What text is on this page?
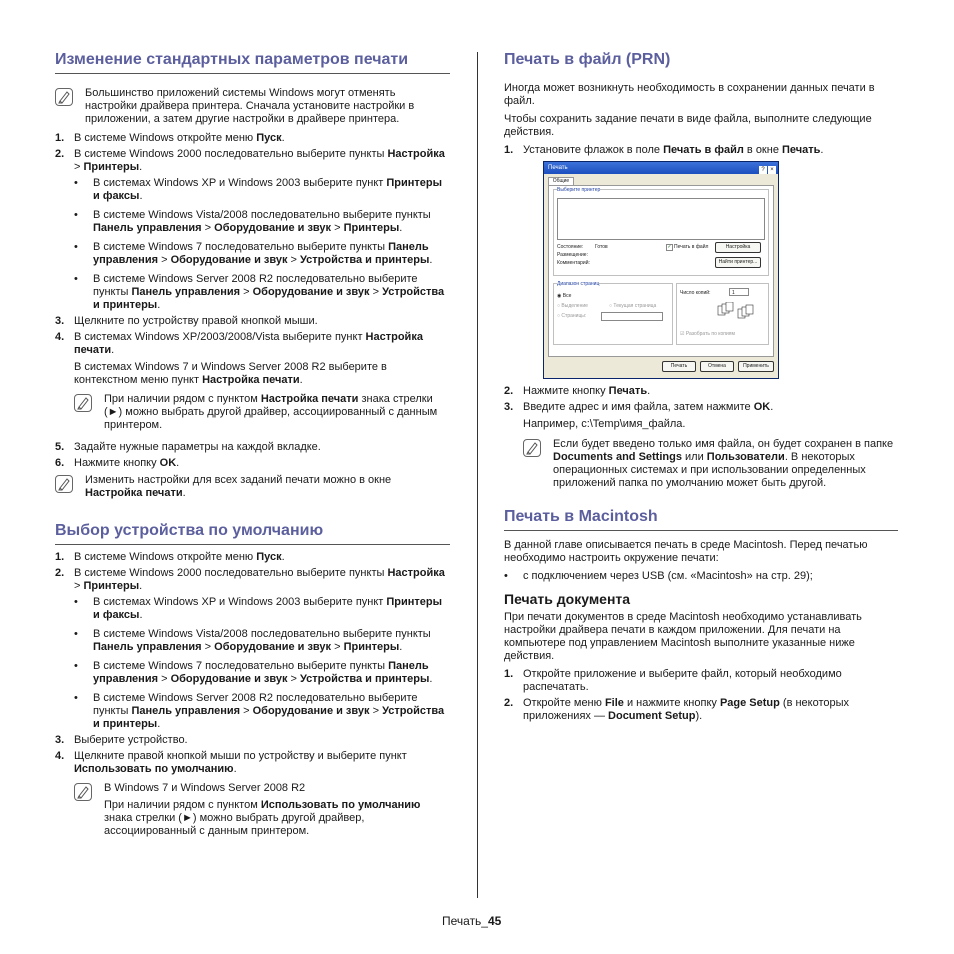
Изменение стандартных параметров печати

Большинство приложений системы Windows могут отменять настройки драйвера принтера. Сначала установите настройки в приложении, а затем другие настройки в драйвере принтера.

1. В системе Windows откройте меню Пуск.
2. В системе Windows 2000 последовательно выберите пункты Настройка > Принтеры.
•	В системах Windows XP и Windows 2003 выберите пункт Принтеры и факсы.
•	В системе Windows Vista/2008 последовательно выберите пункты Панель управления > Оборудование и звук > Принтеры.
•	В системе Windows 7 последовательно выберите пункты Панель управления > Оборудование и звук > Устройства и принтеры.
•	В системе Windows Server 2008 R2 последовательно выберите пункты Панель управления > Оборудование и звук > Устройства и принтеры.
3. Щелкните по устройству правой кнопкой мыши.
4. В системах Windows XP/2003/2008/Vista выберите пункт Настройка печати.
В системах Windows 7 и Windows Server 2008 R2 выберите в контекстном меню пункт Настройка печати.

При наличии рядом с пунктом Настройка печати знака стрелки (►) можно выбрать другой драйвер, ассоциированный с данным принтером.

5. Задайте нужные параметры на каждой вкладке.
6. Нажмите кнопку OK.

Изменить настройки для всех заданий печати можно в окне Настройка печати.

Выбор устройства по умолчанию
1. В системе Windows откройте меню Пуск.
2. В системе Windows 2000 последовательно выберите пункты Настройка > Принтеры.
•	В системах Windows XP и Windows 2003 выберите пункт Принтеры и факсы.
•	В системе Windows Vista/2008 последовательно выберите пункты Панель управления > Оборудование и звук > Принтеры.
•	В системе Windows 7 последовательно выберите пункты Панель управления > Оборудование и звук > Устройства и принтеры.
•	В системе Windows Server 2008 R2 последовательно выберите пункты Панель управления > Оборудование и звук > Устройства и принтеры.
3. Выберите устройство.
4. Щелкните правой кнопкой мыши по устройству и выберите пункт Использовать по умолчанию.

В Windows 7 и Windows Server 2008 R2

При наличии рядом с пунктом Использовать по умолчанию знака стрелки (►) можно выбрать другой драйвер, ассоциированный с данным принтером.

Печать в файл (PRN)

Иногда может возникнуть необходимость в сохранении данных печати в файл.

Чтобы сохранить задание печати в виде файла, выполните следующие действия.

1. Установите флажок в поле Печать в файл в окне Печать.
Печать	? ×
Общие
Выберите принтер
Состояние: Готов
Размещение:
Комментарий:
✓ Печать в файл	Настройка
Найти принтер...
Диапазон страниц
◉ Все
○ Выделение	○ Текущая страница
○ Страницы:
Число копий:	1
☑ Разобрать по копиям
Печать	Отмена	Применить
2. Нажмите кнопку Печать.
3. Введите адрес и имя файла, затем нажмите OK.
Например, c:\Temp\имя_файла.

Если будет введено только имя файла, он будет сохранен в папке Documents and Settings или Пользователи. В некоторых операционных системах и при использовании определенных приложений папка по умолчанию может быть другой.

Печать в Macintosh

В данной главе описывается печать в среде Macintosh. Перед печатью необходимо настроить окружение печати:

•	с подключением через USB (см. «Macintosh» на стр. 29);
Печать документа

При печати документов в среде Macintosh необходимо устанавливать настройки драйвера печати в каждом приложении. Для печати на компьютере под управлением Macintosh выполните указанные ниже действия.

1. Откройте приложение и выберите файл, который необходимо распечатать.
2. Откройте меню File и нажмите кнопку Page Setup (в некоторых приложениях — Document Setup).
Печать_45
